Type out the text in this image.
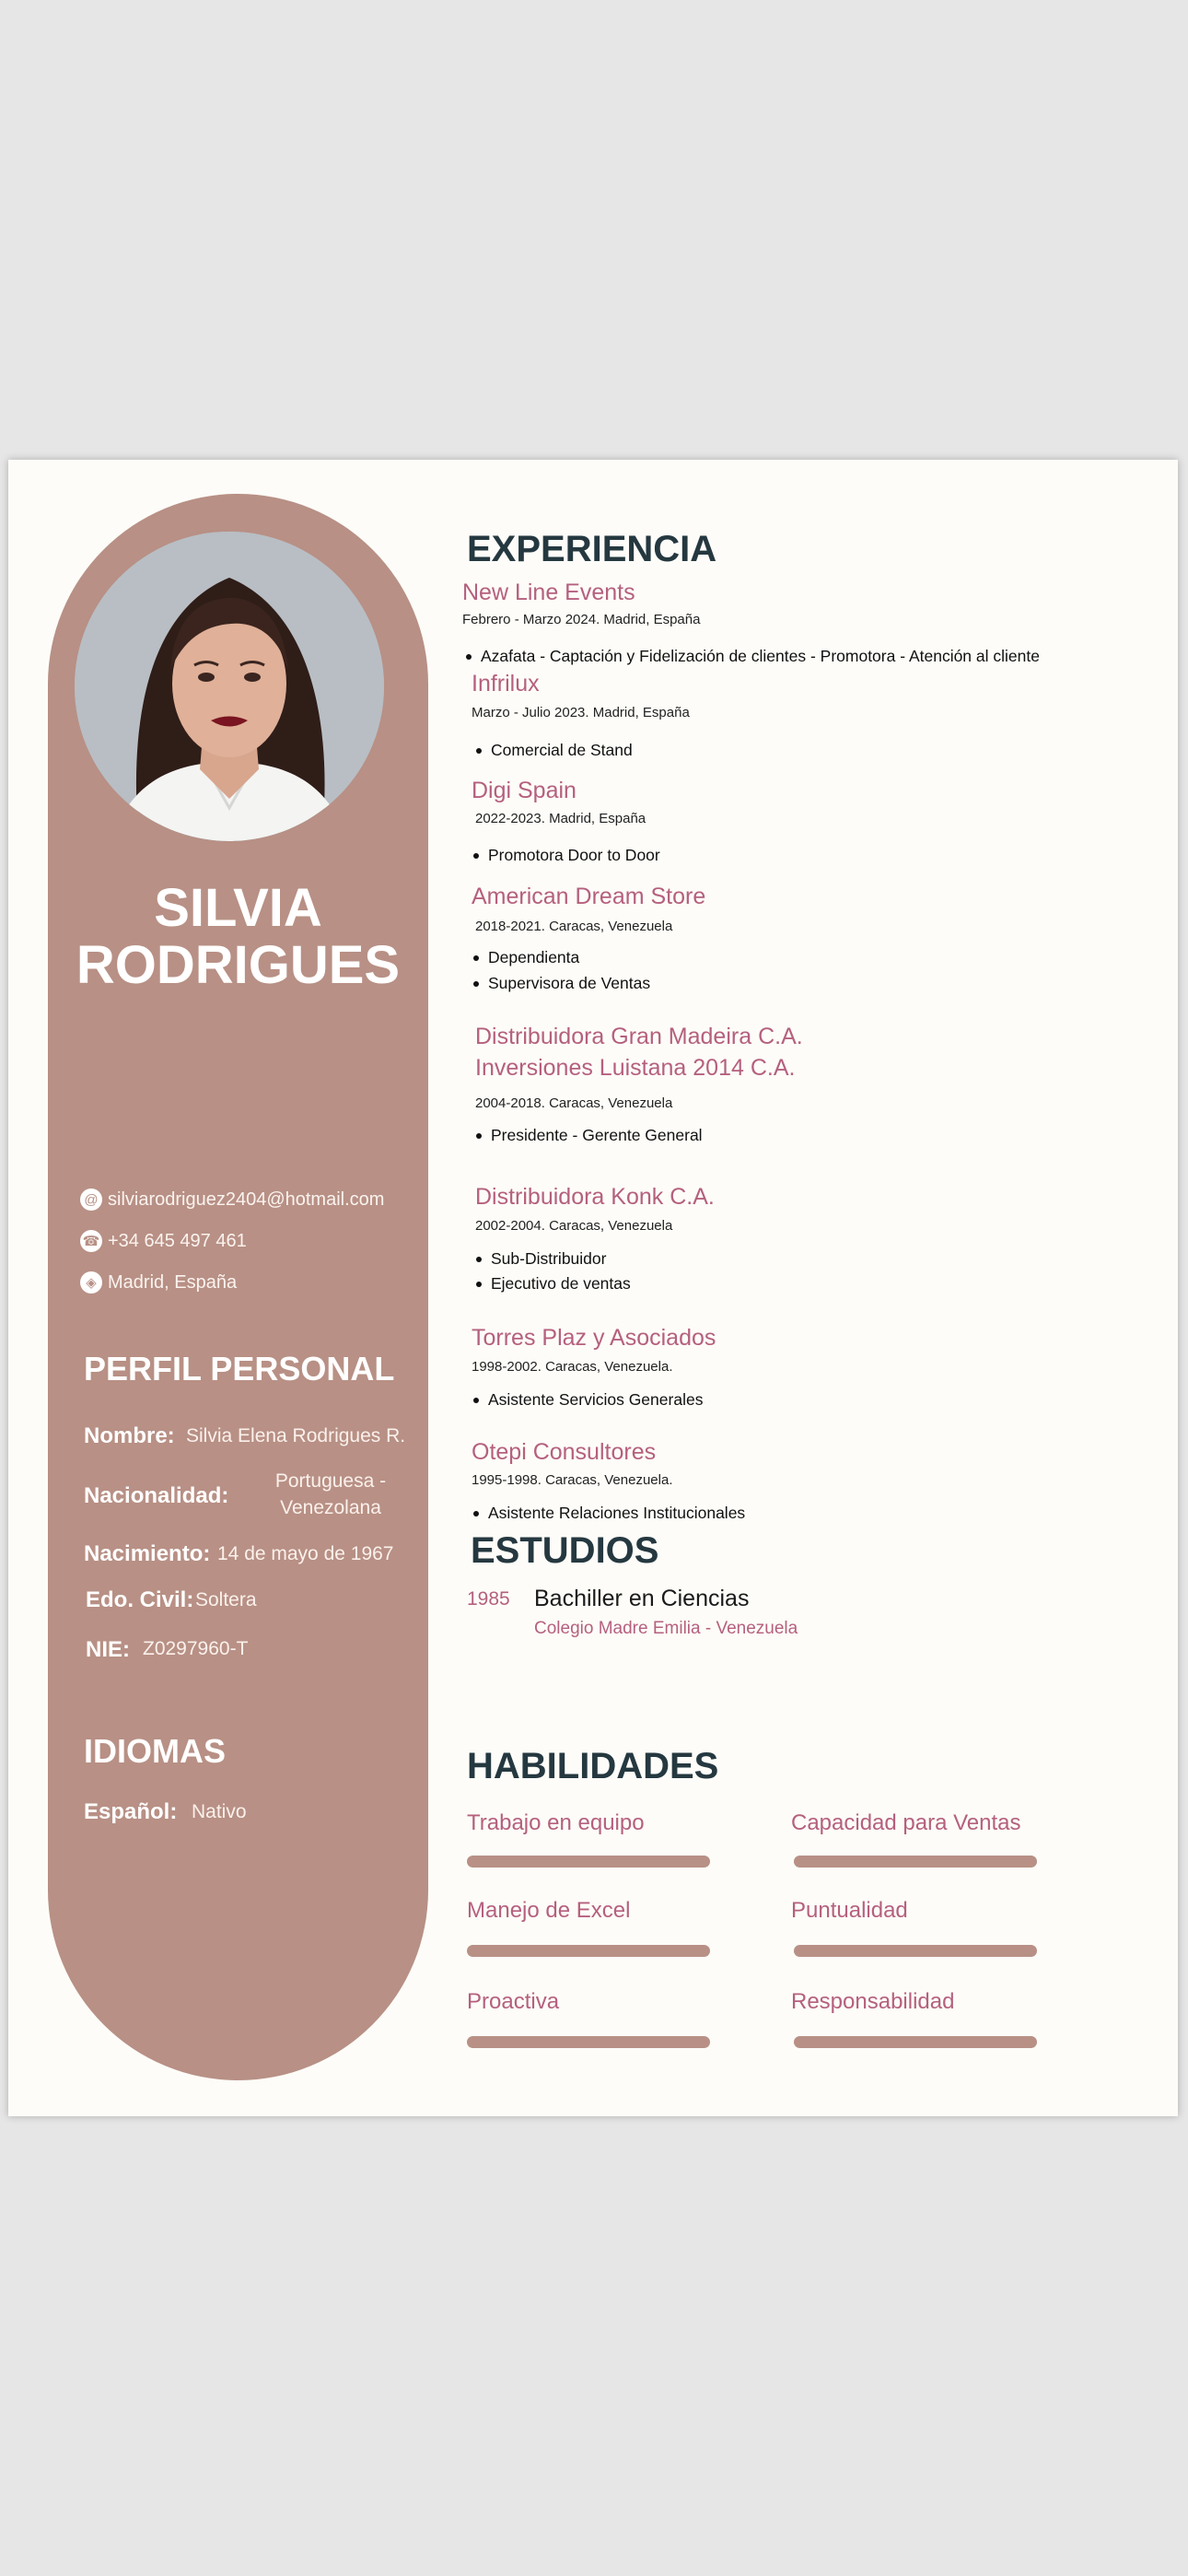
SILVIA
RODRIGUES
@ silviarodriguez2404@hotmail.com
☎ +34 645 497 461
◈ Madrid, España
PERFIL PERSONAL
Nombre: Silvia Elena Rodrigues R.
Nacionalidad:
Portuguesa -
Venezolana
Nacimiento: 14 de mayo de 1967
Edo. Civil: Soltera
NIE: Z0297960-T
IDIOMAS
Español: Nativo
EXPERIENCIA
New Line Events
Febrero - Marzo 2024. Madrid, España
Azafata - Captación y Fidelización de clientes - Promotora - Atención al cliente
Infrilux
Marzo - Julio 2023. Madrid, España
Comercial de Stand
Digi Spain
2022-2023. Madrid, España
Promotora Door to Door
American Dream Store
2018-2021. Caracas, Venezuela
Dependienta
Supervisora de Ventas
Distribuidora Gran Madeira C.A.
Inversiones Luistana 2014 C.A.
2004-2018. Caracas, Venezuela
Presidente - Gerente General
Distribuidora Konk C.A.
2002-2004. Caracas, Venezuela
Sub-Distribuidor
Ejecutivo de ventas
Torres Plaz y Asociados
1998-2002. Caracas, Venezuela.
Asistente Servicios Generales
Otepi Consultores
1995-1998. Caracas, Venezuela.
Asistente Relaciones Institucionales
ESTUDIOS
1985 Bachiller en Ciencias
Colegio Madre Emilia - Venezuela
HABILIDADES
Trabajo en equipo	Capacidad para Ventas
Manejo de Excel	Puntualidad
Proactiva	Responsabilidad
